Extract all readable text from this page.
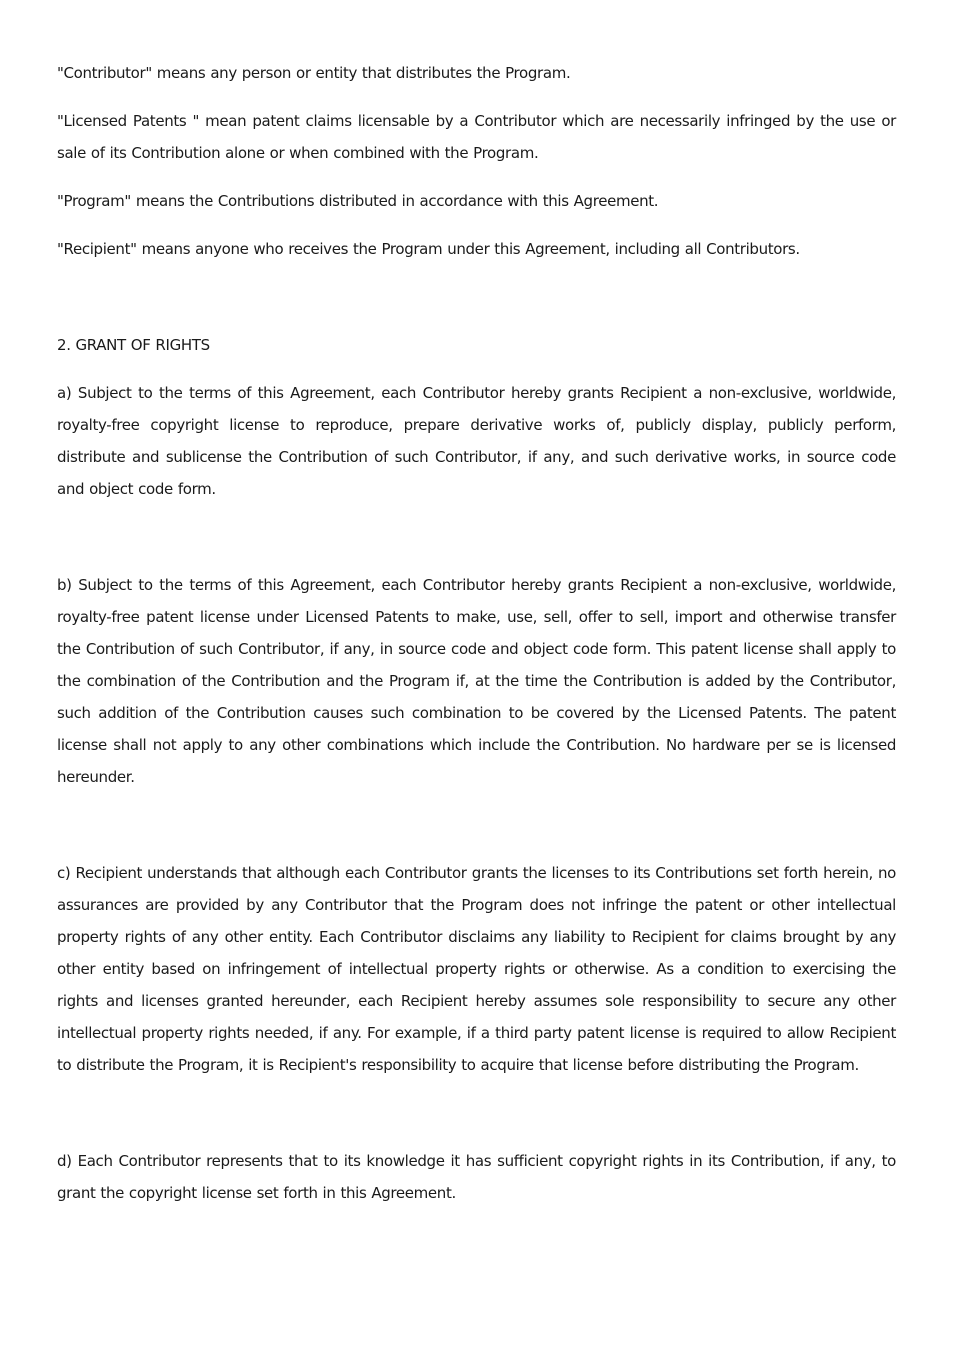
"Contributor" means any person or entity that distributes the Program.

"Licensed Patents " mean patent claims licensable by a Contributor which are necessarily infringed by the use or sale of its Contribution alone or when combined with the Program.

"Program" means the Contributions distributed in accordance with this Agreement.

"Recipient" means anyone who receives the Program under this Agreement, including all Contributors.

2. GRANT OF RIGHTS

a) Subject to the terms of this Agreement, each Contributor hereby grants Recipient a non-exclusive, worldwide, royalty-free copyright license to reproduce, prepare derivative works of, publicly display, publicly perform, distribute and sublicense the Contribution of such Contributor, if any, and such derivative works, in source code and object code form.

b) Subject to the terms of this Agreement, each Contributor hereby grants Recipient a non-exclusive, worldwide, royalty-free patent license under Licensed Patents to make, use, sell, offer to sell, import and otherwise transfer the Contribution of such Contributor, if any, in source code and object code form. This patent license shall apply to the combination of the Contribution and the Program if, at the time the Contribution is added by the Contributor, such addition of the Contribution causes such combination to be covered by the Licensed Patents. The patent license shall not apply to any other combinations which include the Contribution. No hardware per se is licensed hereunder.

c) Recipient understands that although each Contributor grants the licenses to its Contributions set forth herein, no assurances are provided by any Contributor that the Program does not infringe the patent or other intellectual property rights of any other entity. Each Contributor disclaims any liability to Recipient for claims brought by any other entity based on infringement of intellectual property rights or otherwise. As a condition to exercising the rights and licenses granted hereunder, each Recipient hereby assumes sole responsibility to secure any other intellectual property rights needed, if any. For example, if a third party patent license is required to allow Recipient to distribute the Program, it is Recipient's responsibility to acquire that license before distributing the Program.

d) Each Contributor represents that to its knowledge it has sufficient copyright rights in its Contribution, if any, to grant the copyright license set forth in this Agreement.
